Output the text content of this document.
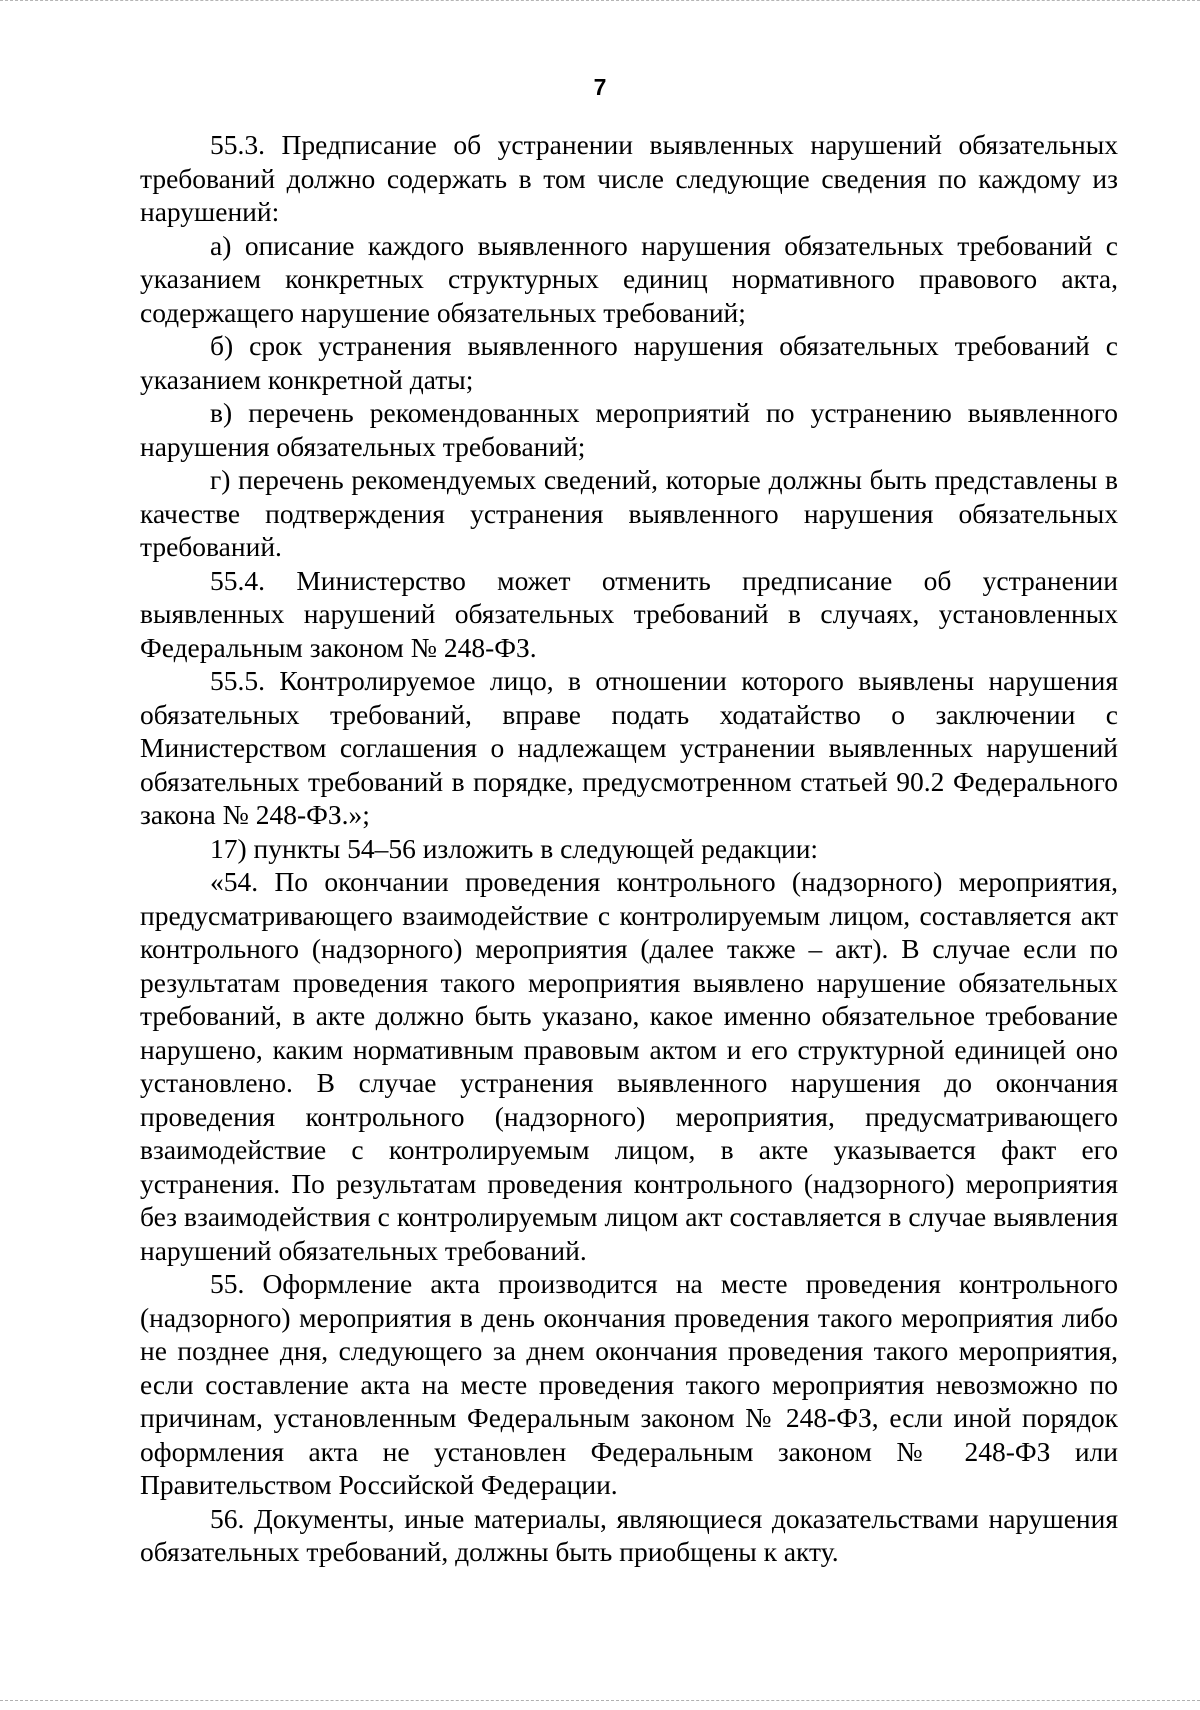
7

55.3. Предписание об устранении выявленных нарушений обязательных требований должно содержать в том числе следующие сведения по каждому из нарушений:

а) описание каждого выявленного нарушения обязательных требований с указанием конкретных структурных единиц нормативного правового акта, содержащего нарушение обязательных требований;

б) срок устранения выявленного нарушения обязательных требований с указанием конкретной даты;

в) перечень рекомендованных мероприятий по устранению выявленного нарушения обязательных требований;

г) перечень рекомендуемых сведений, которые должны быть представлены в качестве подтверждения устранения выявленного нарушения обязательных требований.

55.4. Министерство может отменить предписание об устранении выявленных нарушений обязательных требований в случаях, установленных Федеральным законом № 248-ФЗ.

55.5. Контролируемое лицо, в отношении которого выявлены нарушения обязательных требований, вправе подать ходатайство о заключении с Министерством соглашения о надлежащем устранении выявленных нарушений обязательных требований в порядке, предусмотренном статьей 90.2 Федерального закона № 248-ФЗ.»;

17) пункты 54–56 изложить в следующей редакции:

«54. По окончании проведения контрольного (надзорного) мероприятия, предусматривающего взаимодействие с контролируемым лицом, составляется акт контрольного (надзорного) мероприятия (далее также – акт). В случае если по результатам проведения такого мероприятия выявлено нарушение обязательных требований, в акте должно быть указано, какое именно обязательное требование нарушено, каким нормативным правовым актом и его структурной единицей оно установлено. В случае устранения выявленного нарушения до окончания проведения контрольного (надзорного) мероприятия, предусматривающего взаимодействие с контролируемым лицом, в акте указывается факт его устранения. По результатам проведения контрольного (надзорного) мероприятия без взаимодействия с контролируемым лицом акт составляется в случае выявления нарушений обязательных требований.

55. Оформление акта производится на месте проведения контрольного (надзорного) мероприятия в день окончания проведения такого мероприятия либо не позднее дня, следующего за днем окончания проведения такого мероприятия, если составление акта на месте проведения такого мероприятия невозможно по причинам, установленным Федеральным законом № 248-ФЗ, если иной порядок оформления акта не установлен Федеральным законом № 248-ФЗ или Правительством Российской Федерации.

56. Документы, иные материалы, являющиеся доказательствами нарушения обязательных требований, должны быть приобщены к акту.
